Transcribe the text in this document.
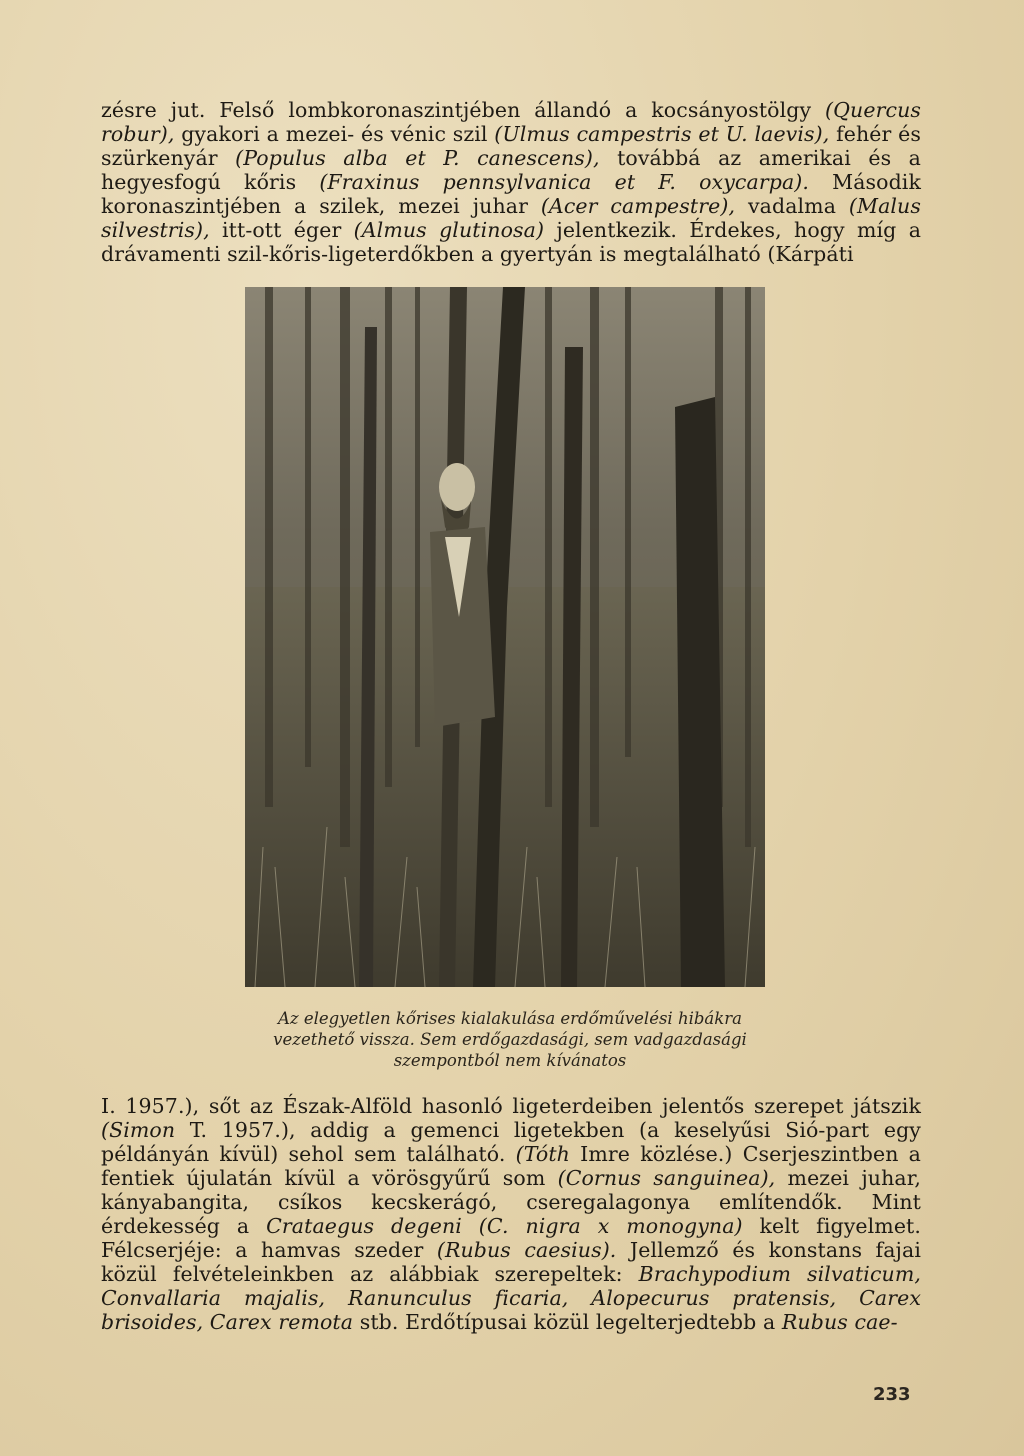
zésre jut. Felső lombkoronaszintjében állandó a kocsányostölgy (Quercus robur), gyakori a mezei- és vénic szil (Ulmus campestris et U. laevis), fehér és szürkenyár (Populus alba et P. canescens), továbbá az amerikai és a hegyesfogú kőris (Fraxinus pennsylvanica et F. oxycarpa). Második koronaszintjében a szilek, mezei juhar (Acer campestre), vadalma (Malus silvestris), itt-ott éger (Almus glutinosa) jelentkezik. Érdekes, hogy míg a drávamenti szil-kőris-ligeterdőkben a gyertyán is megtalálható (Kárpáti
Az elegyetlen kőrises kialakulása erdőművelési hibákra
vezethető vissza. Sem erdőgazdasági, sem vadgazdasági
szempontból nem kívánatos
I. 1957.), sőt az Észak-Alföld hasonló ligeterdeiben jelentős szerepet játszik (Simon T. 1957.), addig a gemenci ligetekben (a keselyűsi Sió-part egy példányán kívül) sehol sem található. (Tóth Imre közlése.) Cserjeszintben a fentiek újulatán kívül a vörösgyűrű som (Cornus sanguinea), mezei juhar, kányabangita, csíkos kecskerágó, cseregalagonya említendők. Mint érdekesség a Crataegus degeni (C. nigra x monogyna) kelt figyelmet. Félcserjéje: a hamvas szeder (Rubus caesius). Jellemző és konstans fajai közül felvételeinkben az alábbiak szerepeltek: Brachypodium silvaticum, Convallaria majalis, Ranunculus ficaria, Alopecurus pratensis, Carex brisoides, Carex remota stb. Erdőtípusai közül legelterjedtebb a Rubus cae-
233
